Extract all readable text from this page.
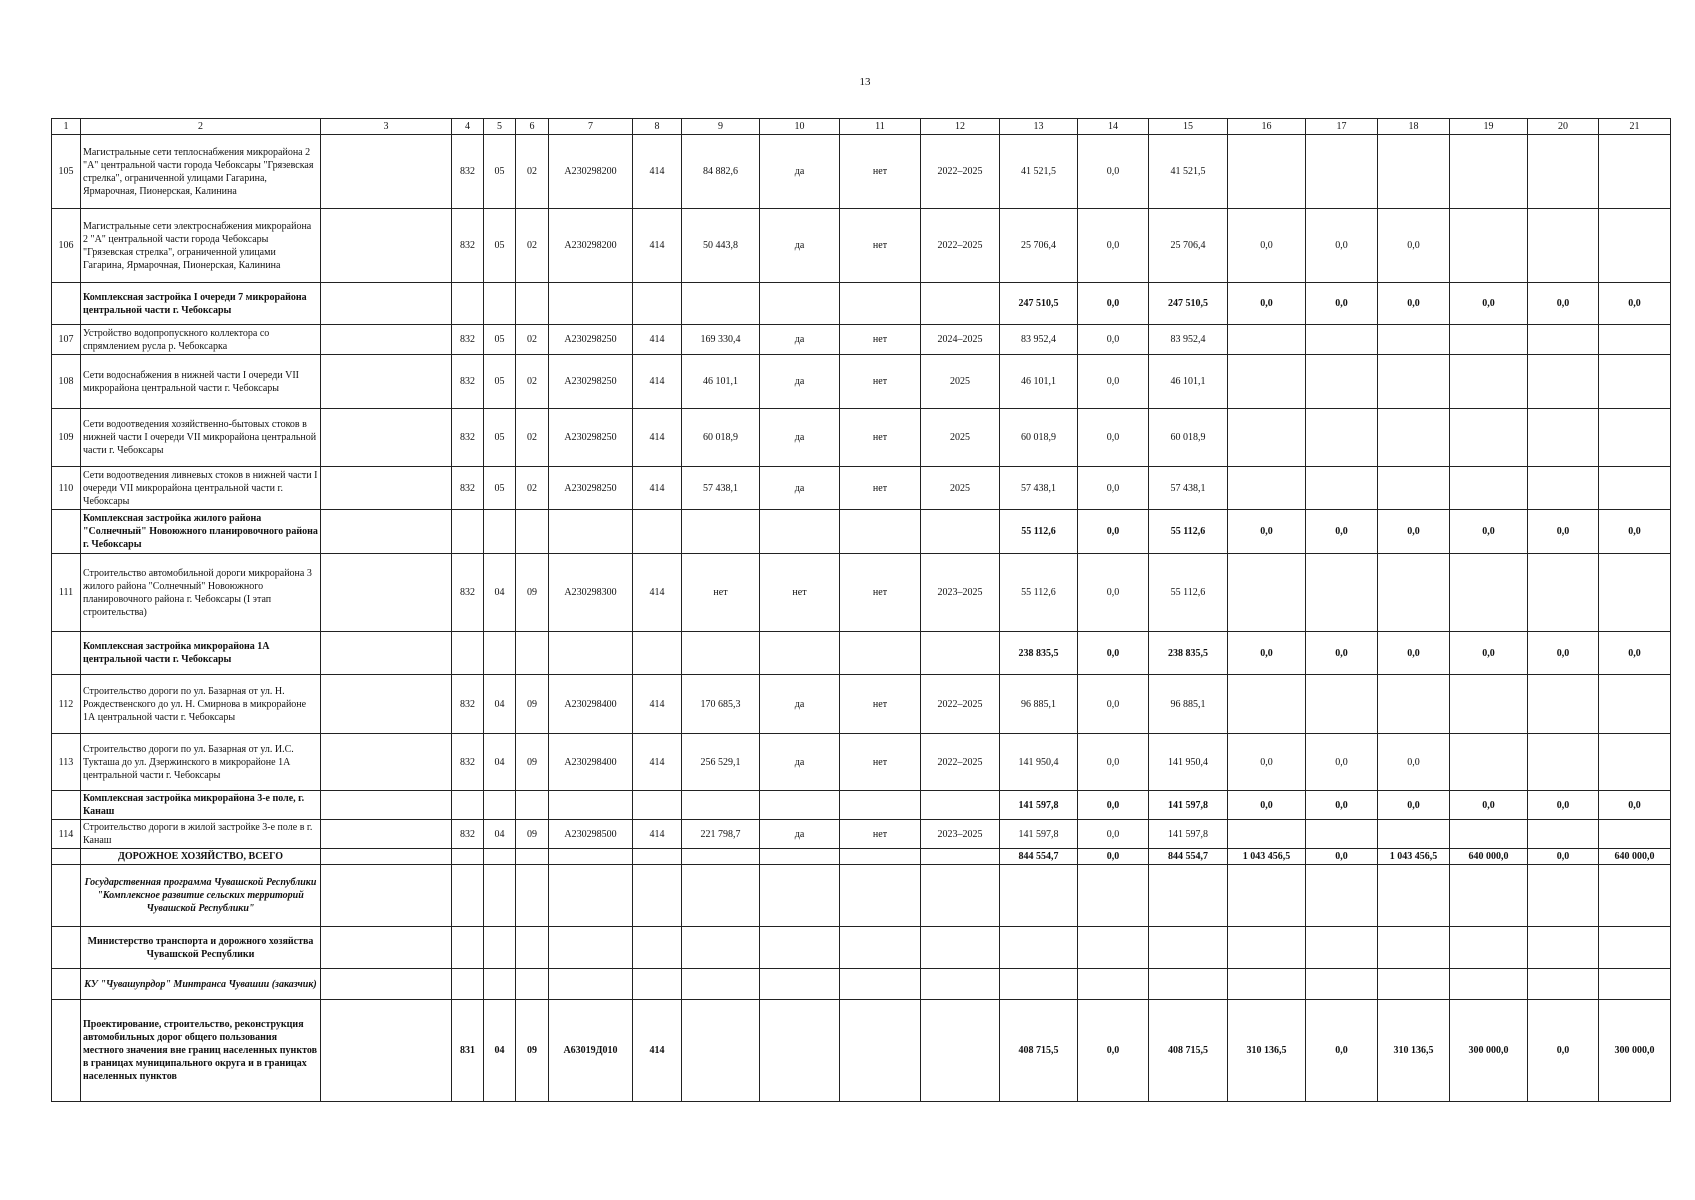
13
1	2	3	4	5	6	7	8	9	10	11	12	13	14	15	16	17	18	19	20	21
105	Магистральные сети теплоснабжения микрорайона 2 "А" центральной части города Чебоксары "Грязевская стрелка", ограниченной улицами Гагарина, Ярмарочная, Пионерская, Калинина		832	05	02	А230298200	414	84 882,6	да	нет	2022–2025	41 521,5	0,0	41 521,5						
106	Магистральные сети электроснабжения микрорайона 2 "А" центральной части города Чебоксары "Грязевская стрелка", ограниченной улицами Гагарина, Ярмарочная, Пионерская, Калинина		832	05	02	А230298200	414	50 443,8	да	нет	2022–2025	25 706,4	0,0	25 706,4	0,0	0,0	0,0			
	Комплексная застройка I очереди 7 микрорайона центральной части г. Чебоксары											247 510,5	0,0	247 510,5	0,0	0,0	0,0	0,0	0,0	0,0
107	Устройство водопропускного коллектора со спрямлением русла р. Чебоксарка		832	05	02	А230298250	414	169 330,4	да	нет	2024–2025	83 952,4	0,0	83 952,4						
108	Сети водоснабжения в нижней части I очереди VII микрорайона центральной части г. Чебоксары		832	05	02	А230298250	414	46 101,1	да	нет	2025	46 101,1	0,0	46 101,1						
109	Сети водоотведения хозяйственно-бытовых стоков в нижней части I очереди VII микрорайона центральной части г. Чебоксары		832	05	02	А230298250	414	60 018,9	да	нет	2025	60 018,9	0,0	60 018,9						
110	Сети водоотведения ливневых стоков в нижней части I очереди VII микрорайона центральной части г. Чебоксары		832	05	02	А230298250	414	57 438,1	да	нет	2025	57 438,1	0,0	57 438,1						
	Комплексная застройка жилого района "Солнечный" Новоюжного планировочного района г. Чебоксары											55 112,6	0,0	55 112,6	0,0	0,0	0,0	0,0	0,0	0,0
111	Строительство автомобильной дороги микрорайона 3 жилого района "Солнечный" Новоюжного планировочного района г. Чебоксары (I этап строительства)		832	04	09	А230298300	414	нет	нет	нет	2023–2025	55 112,6	0,0	55 112,6						
	Комплексная застройка микрорайона 1А центральной части г. Чебоксары											238 835,5	0,0	238 835,5	0,0	0,0	0,0	0,0	0,0	0,0
112	Строительство дороги по ул. Базарная от ул. Н. Рождественского до ул. Н. Смирнова в микрорайоне 1А центральной части г. Чебоксары		832	04	09	А230298400	414	170 685,3	да	нет	2022–2025	96 885,1	0,0	96 885,1						
113	Строительство дороги по ул. Базарная от ул. И.С. Тукташа до ул. Дзержинского в микрорайоне 1А центральной части г. Чебоксары		832	04	09	А230298400	414	256 529,1	да	нет	2022–2025	141 950,4	0,0	141 950,4	0,0	0,0	0,0			
	Комплексная застройка микрорайона 3-е поле, г. Канаш											141 597,8	0,0	141 597,8	0,0	0,0	0,0	0,0	0,0	0,0
114	Строительство дороги в жилой застройке 3-е поле в г. Канаш		832	04	09	А230298500	414	221 798,7	да	нет	2023–2025	141 597,8	0,0	141 597,8						
	ДОРОЖНОЕ ХОЗЯЙСТВО, ВСЕГО											844 554,7	0,0	844 554,7	1 043 456,5	0,0	1 043 456,5	640 000,0	0,0	640 000,0
	Государственная программа Чувашской Республики "Комплексное развитие сельских территорий Чувашской Республики"																			
	Министерство транспорта и дорожного хозяйства Чувашской Республики																			
	КУ "Чувашупрдор" Минтранса Чувашии (заказчик)																			
	Проектирование, строительство, реконструкция автомобильных дорог общего пользования местного значения вне границ населенных пунктов в границах муниципального округа и в границах населенных пунктов		831	04	09	А63019Д010	414					408 715,5	0,0	408 715,5	310 136,5	0,0	310 136,5	300 000,0	0,0	300 000,0
